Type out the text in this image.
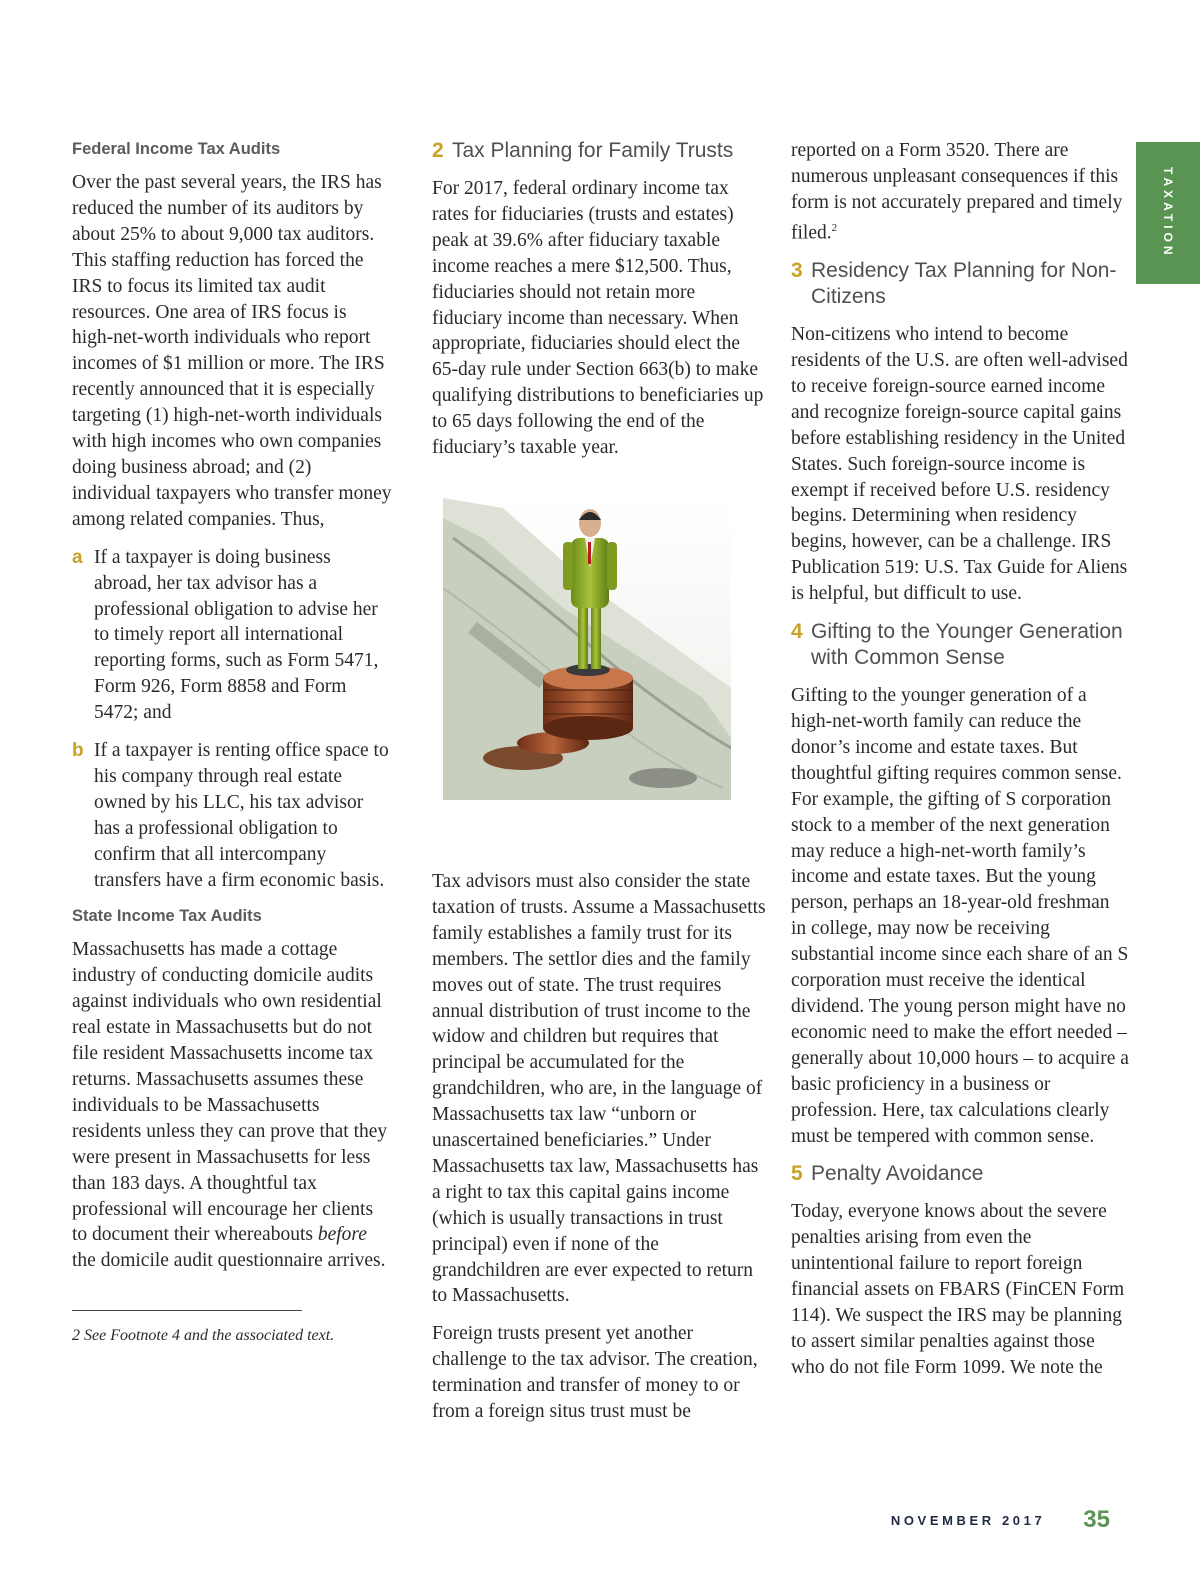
TAXATION
Federal Income Tax Audits

Over the past several years, the IRS has reduced the number of its auditors by about 25% to about 9,000 tax auditors. This staffing reduction has forced the IRS to focus its limited tax audit resources. One area of IRS focus is high-net-worth individuals who report incomes of $1 million or more. The IRS recently announced that it is especially targeting (1) high-net-worth individuals with high incomes who own companies doing business abroad; and (2) individual taxpayers who transfer money among related companies. Thus,

a If a taxpayer is doing business abroad, her tax advisor has a professional obligation to advise her to timely report all international reporting forms, such as Form 5471, Form 926, Form 8858 and Form 5472; and

b If a taxpayer is renting office space to his company through real estate owned by his LLC, his tax advisor has a professional obligation to confirm that all intercompany transfers have a firm economic basis.

State Income Tax Audits

Massachusetts has made a cottage industry of conducting domicile audits against individuals who own residential real estate in Massachusetts but do not file resident Massachusetts income tax returns. Massachusetts assumes these individuals to be Massachusetts residents unless they can prove that they were present in Massachusetts for less than 183 days. A thoughtful tax professional will encourage her clients to document their whereabouts before the domicile audit questionnaire arrives.

2 See Footnote 4 and the associated text.

2 Tax Planning for Family Trusts

For 2017, federal ordinary income tax rates for fiduciaries (trusts and estates) peak at 39.6% after fiduciary taxable income reaches a mere $12,500. Thus, fiduciaries should not retain more fiduciary income than necessary. When appropriate, fiduciaries should elect the 65-day rule under Section 663(b) to make qualifying distributions to beneficiaries up to 65 days following the end of the fiduciary’s taxable year.

Tax advisors must also consider the state taxation of trusts. Assume a Massachusetts family establishes a family trust for its members. The settlor dies and the family moves out of state. The trust requires annual distribution of trust income to the widow and children but requires that principal be accumulated for the grandchildren, who are, in the language of Massachusetts tax law “unborn or unascertained beneficiaries.” Under Massachusetts tax law, Massachusetts has a right to tax this capital gains income (which is usually transactions in trust principal) even if none of the grandchildren are ever expected to return to Massachusetts.

Foreign trusts present yet another challenge to the tax advisor. The creation, termination and transfer of money to or from a foreign situs trust must be

reported on a Form 3520. There are numerous unpleasant consequences if this form is not accurately prepared and timely filed.$^2$

3 Residency Tax Planning for Non-Citizens

Non-citizens who intend to become residents of the U.S. are often well-advised to receive foreign-source earned income and recognize foreign-source capital gains before establishing residency in the United States. Such foreign-source income is exempt if received before U.S. residency begins. Determining when residency begins, however, can be a challenge. IRS Publication 519: U.S. Tax Guide for Aliens is helpful, but difficult to use.

4 Gifting to the Younger Generation with Common Sense

Gifting to the younger generation of a high-net-worth family can reduce the donor’s income and estate taxes. But thoughtful gifting requires common sense. For example, the gifting of S corporation stock to a member of the next generation may reduce a high-net-worth family’s income and estate taxes. But the young person, perhaps an 18-year-old freshman in college, may now be receiving substantial income since each share of an S corporation must receive the identical dividend. The young person might have no economic need to make the effort needed – generally about 10,000 hours – to acquire a basic proficiency in a business or profession. Here, tax calculations clearly must be tempered with common sense.

5 Penalty Avoidance

Today, everyone knows about the severe penalties arising from even the unintentional failure to report foreign financial assets on FBARS (FinCEN Form 114). We suspect the IRS may be planning to assert similar penalties against those who do not file Form 1099. We note the

NOVEMBER 2017 35
